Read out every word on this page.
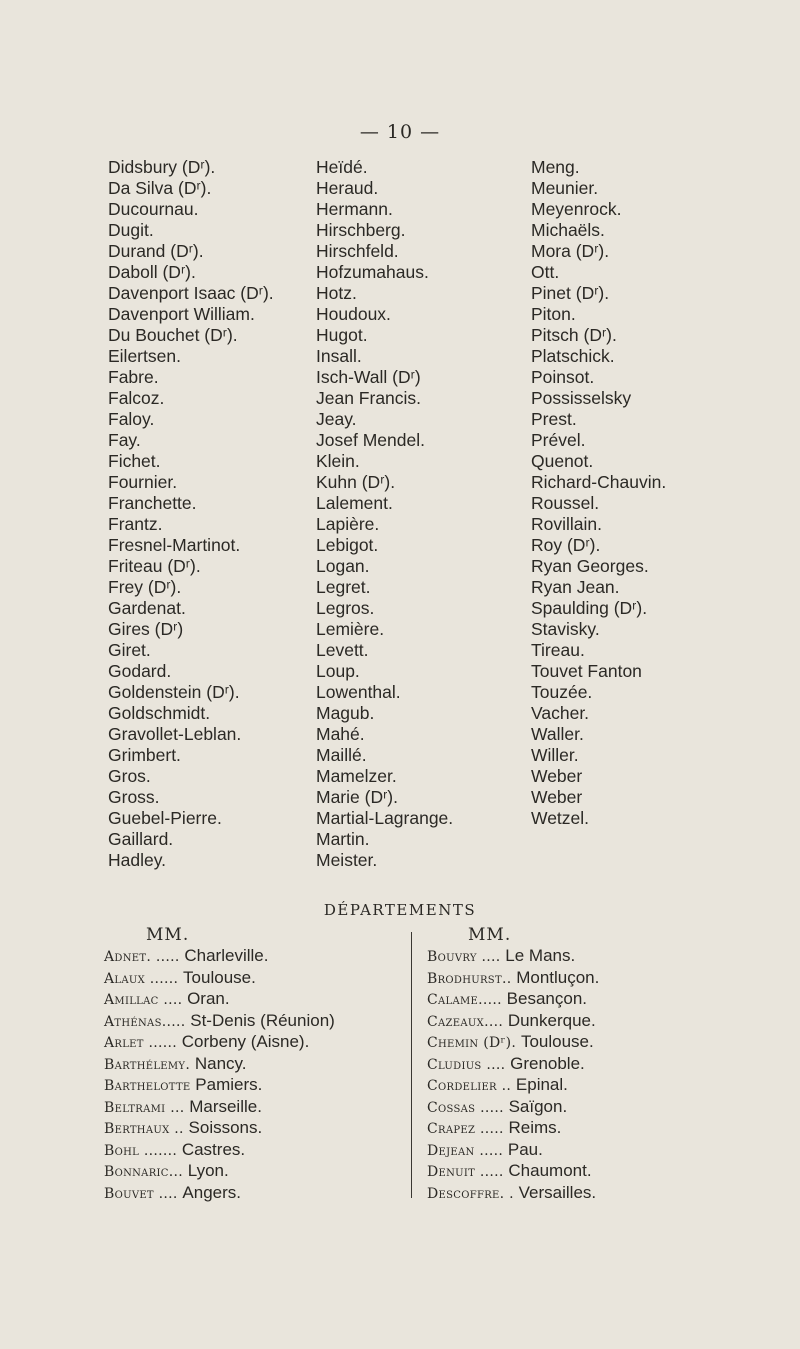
— 10 —
Didsbury (Dʳ).
Da Silva (Dʳ).
Ducournau.
Dugit.
Durand (Dʳ).
Daboll (Dʳ).
Davenport Isaac (Dʳ).
Davenport William.
Du Bouchet (Dʳ).
Eilertsen.
Fabre.
Falcoz.
Faloy.
Fay.
Fichet.
Fournier.
Franchette.
Frantz.
Fresnel-Martinot.
Friteau (Dʳ).
Frey (Dʳ).
Gardenat.
Gires (Dʳ)
Giret.
Godard.
Goldenstein (Dʳ).
Goldschmidt.
Gravollet-Leblan.
Grimbert.
Gros.
Gross.
Guebel-Pierre.
Gaillard.
Hadley.
Heïdé.
Heraud.
Hermann.
Hirschberg.
Hirschfeld.
Hofzumahaus.
Hotz.
Houdoux.
Hugot.
Insall.
Isch-Wall (Dʳ)
Jean Francis.
Jeay.
Josef Mendel.
Klein.
Kuhn (Dʳ).
Lalement.
Lapière.
Lebigot.
Logan.
Legret.
Legros.
Lemière.
Levett.
Loup.
Lowenthal.
Magub.
Mahé.
Maillé.
Mamelzer.
Marie (Dʳ).
Martial-Lagrange.
Martin.
Meister.
Meng.
Meunier.
Meyenrock.
Michaëls.
Mora (Dʳ).
Ott.
Pinet (Dʳ).
Piton.
Pitsch (Dʳ).
Platschick.
Poinsot.
Possisselsky
Prest.
Prével.
Quenot.
Richard-Chauvin.
Roussel.
Rovillain.
Roy (Dʳ).
Ryan Georges.
Ryan Jean.
Spaulding (Dʳ).
Stavisky.
Tireau.
Touvet Fanton
Touzée.
Vacher.
Waller.
Willer.
Weber
Weber
Wetzel.
DÉPARTEMENTS
MM.	MM.
Adnet. ..... Charleville.
Alaux ...... Toulouse.
Amillac .... Oran.
Athénas ..... St-Denis (Réunion)
Arlet ...... Corbeny (Aisne).
Barthélemy.
Nancy.
Barthelotte
Pamiers.
Beltrami ... Marseille.
Berthaux .. Soissons.
Bohl ....... Castres.
Bonnaric ... Lyon.
Bouvet .... Angers.
Bouvry .... Le Mans.
Brodhurst .. Montluçon.
Calame ..... Besançon.
Cazeaux .... Dunkerque.
Chemin (Dʳ).
Toulouse.
Cludius .... Grenoble.
Cordelier .. Epinal.
Cossas ..... Saïgon.
Crapez ..... Reims.
Dejean ..... Pau.
Denuit ..... Chaumont.
Descoffre . . Versailles.
